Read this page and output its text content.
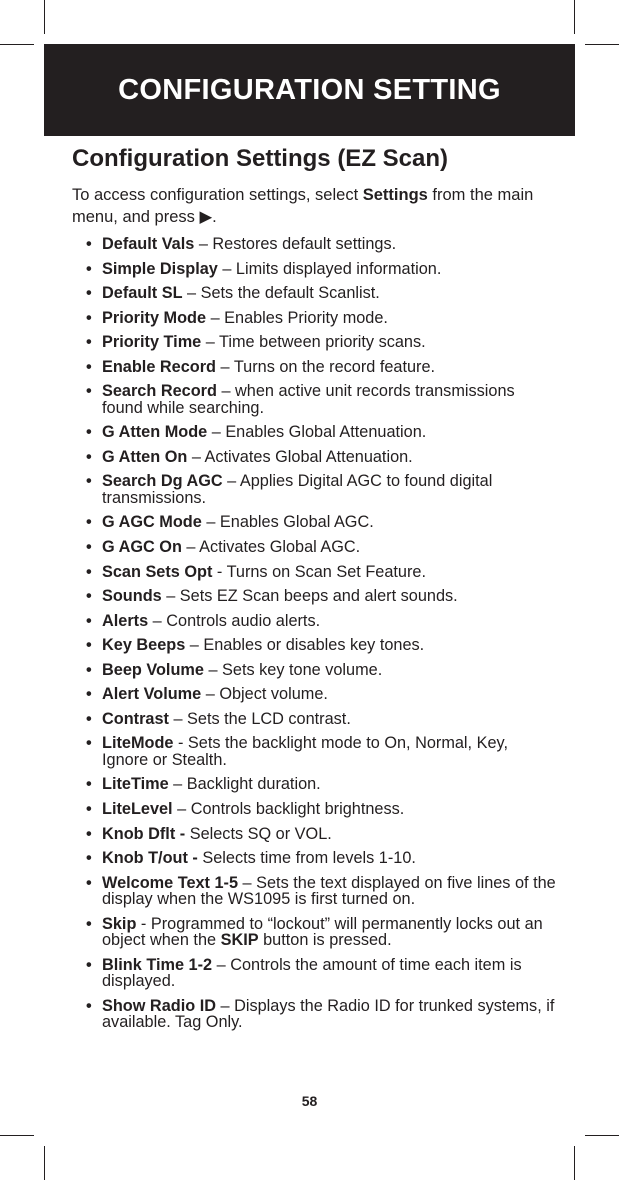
CONFIGURATION SETTING
Configuration Settings (EZ Scan)
To access configuration settings, select Settings from the main menu, and press ▶.
• Default Vals – Restores default settings.
• Simple Display – Limits displayed information.
• Default SL – Sets the default Scanlist.
• Priority Mode – Enables Priority mode.
• Priority Time – Time between priority scans.
• Enable Record – Turns on the record feature.
• Search Record – when active unit records transmissions found while searching.
• G Atten Mode – Enables Global Attenuation.
• G Atten On – Activates Global Attenuation.
• Search Dg AGC – Applies Digital AGC to found digital transmissions.
• G AGC Mode – Enables Global AGC.
• G AGC On – Activates Global AGC.
• Scan Sets Opt - Turns on Scan Set Feature.
• Sounds – Sets EZ Scan beeps and alert sounds.
• Alerts – Controls audio alerts.
• Key Beeps – Enables or disables key tones.
• Beep Volume – Sets key tone volume.
• Alert Volume – Object volume.
• Contrast – Sets the LCD contrast.
• LiteMode - Sets the backlight mode to On, Normal, Key, Ignore or Stealth.
• LiteTime – Backlight duration.
• LiteLevel – Controls backlight brightness.
• Knob Dflt - Selects SQ or VOL.
• Knob T/out - Selects time from levels 1-10.
• Welcome Text 1-5 – Sets the text displayed on five lines of the display when the WS1095 is first turned on.
• Skip - Programmed to “lockout” will permanently locks out an object when the SKIP button is pressed.
• Blink Time 1-2 – Controls the amount of time each item is displayed.
• Show Radio ID – Displays the Radio ID for trunked systems, if available. Tag Only.
58
